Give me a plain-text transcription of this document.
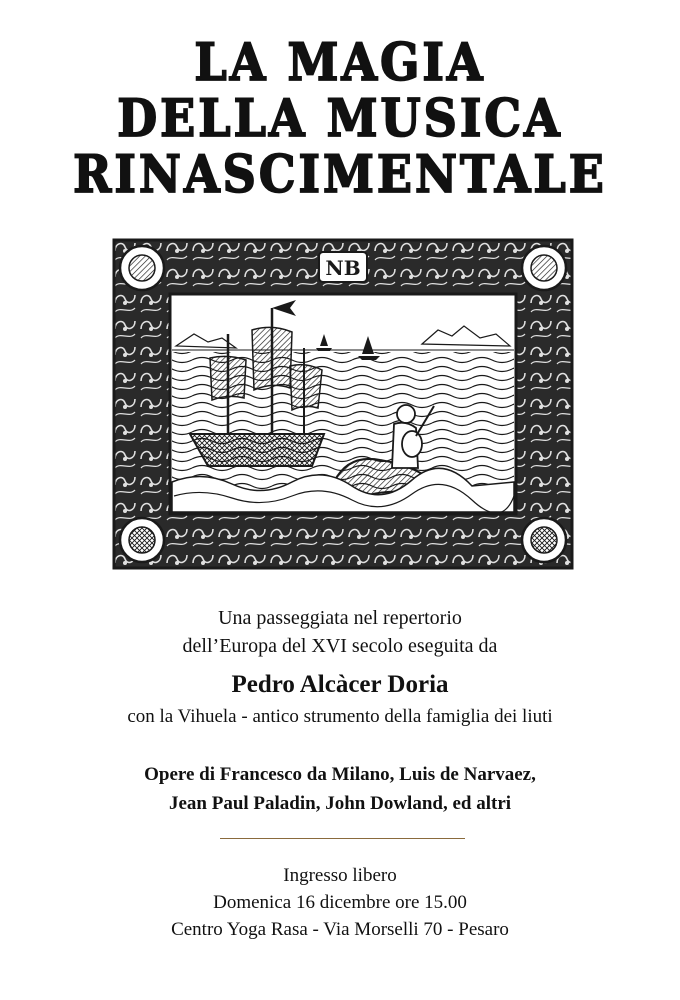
LA MAGIA
DELLA MUSICA
RINASCIMENTALE
NB
Una passeggiata nel repertorio
dell’Europa del XVI secolo eseguita da
Pedro Alcàcer Doria
con la Vihuela - antico strumento della famiglia dei liuti
Opere di Francesco da Milano, Luis de Narvaez,
Jean Paul Paladin, John Dowland, ed altri
Ingresso libero
Domenica 16 dicembre ore 15.00
Centro Yoga Rasa - Via Morselli 70 - Pesaro
